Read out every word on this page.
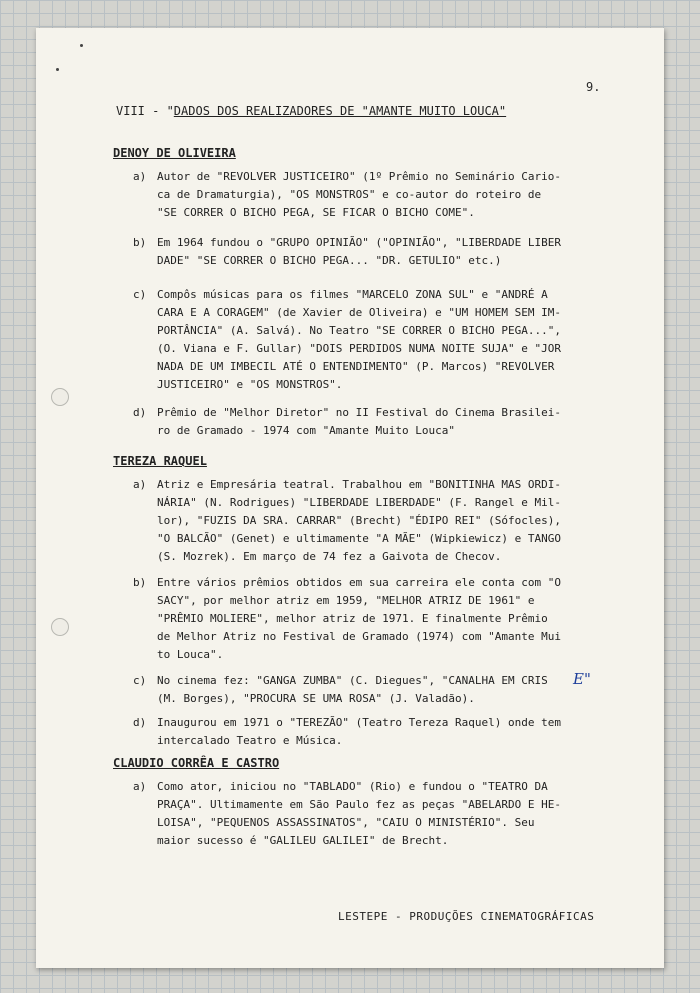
9.

VIII - "DADOS DOS REALIZADORES DE "AMANTE MUITO LOUCA"
DENOY DE OLIVEIRA
a) Autor de "REVOLVER JUSTICEIRO" (1º Prêmio no Seminário Cario-
ca de Dramaturgia), "OS MONSTROS" e co-autor do roteiro de
"SE CORRER O BICHO PEGA, SE FICAR O BICHO COME".
b) Em 1964 fundou o "GRUPO OPINIÃO" ("OPINIÃO", "LIBERDADE LIBER
DADE" "SE CORRER O BICHO PEGA... "DR. GETULIO" etc.)
c) Compôs músicas para os filmes "MARCELO ZONA SUL" e "ANDRÉ A
CARA E A CORAGEM" (de Xavier de Oliveira) e "UM HOMEM SEM IM-
PORTÂNCIA" (A. Salvá). No Teatro "SE CORRER O BICHO PEGA...",
(O. Viana e F. Gullar) "DOIS PERDIDOS NUMA NOITE SUJA" e "JOR
NADA DE UM IMBECIL ATÉ O ENTENDIMENTO" (P. Marcos) "REVOLVER
JUSTICEIRO" e "OS MONSTROS".
d) Prêmio de "Melhor Diretor" no II Festival do Cinema Brasilei-
ro de Gramado - 1974 com "Amante Muito Louca"
TEREZA RAQUEL
a) Atriz e Empresária teatral. Trabalhou em "BONITINHA MAS ORDI-
NÁRIA" (N. Rodrigues) "LIBERDADE LIBERDADE" (F. Rangel e Mil-
lor), "FUZIS DA SRA. CARRAR" (Brecht) "ÉDIPO REI" (Sófocles),
"O BALCÃO" (Genet) e ultimamente "A MÃE" (Wipkiewicz) e TANGO
(S. Mozrek). Em março de 74 fez a Gaivota de Checov.
b) Entre vários prêmios obtidos em sua carreira ele conta com "O
SACY", por melhor atriz em 1959, "MELHOR ATRIZ DE 1961" e
"PRÊMIO MOLIERE", melhor atriz de 1971. E finalmente Prêmio
de Melhor Atriz no Festival de Gramado (1974) com "Amante Mui
to Louca".
c) No cinema fez: "GANGA ZUMBA" (C. Diegues", "CANALHA EM CRIS
(M. Borges), "PROCURA SE UMA ROSA" (J. Valadão).
d) Inaugurou em 1971 o "TEREZÃO" (Teatro Tereza Raquel) onde tem
intercalado Teatro e Música.
E"
CLAUDIO CORRÊA E CASTRO
a) Como ator, iniciou no "TABLADO" (Rio) e fundou o "TEATRO DA
PRAÇA". Ultimamente em São Paulo fez as peças "ABELARDO E HE-
LOISA", "PEQUENOS ASSASSINATOS", "CAIU O MINISTÉRIO". Seu
maior sucesso é "GALILEU GALILEI" de Brecht.
LESTEPE - PRODUÇÕES CINEMATOGRÁFICAS
